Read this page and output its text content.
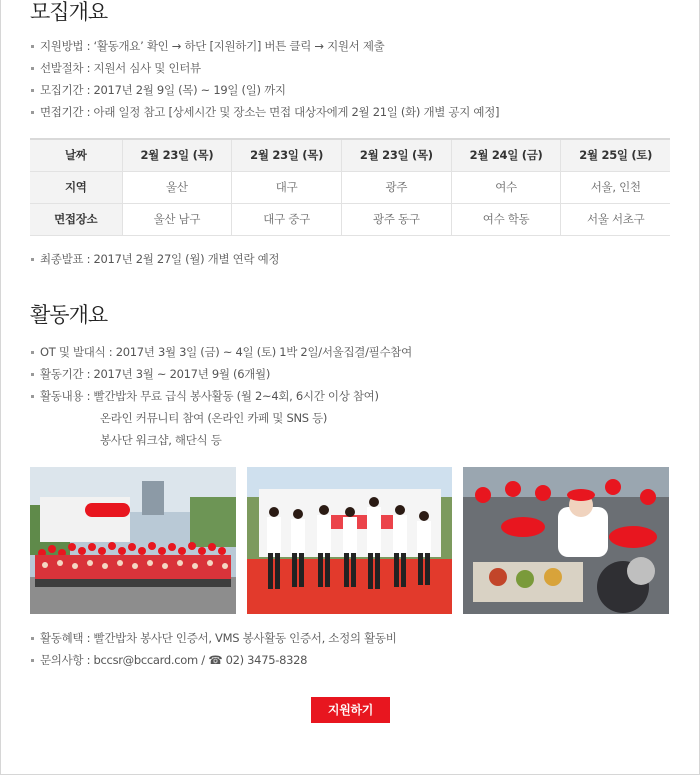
모집개요
지원방법 : ‘활동개요’ 확인 → 하단 [지원하기] 버튼 클릭 → 지원서 제출
선발절차 : 지원서 심사 및 인터뷰
모집기간 : 2017년 2월 9일 (목) ~ 19일 (일) 까지
면접기간 : 아래 일정 참고 [상세시간 및 장소는 면접 대상자에게 2월 21일 (화) 개별 공지 예정]
날짜	2월 23일 (목)	2월 23일 (목)	2월 23일 (목)	2월 24일 (금)	2월 25일 (토)
지역	울산	대구	광주	여수	서울, 인천
면접장소	울산 남구	대구 중구	광주 동구	여수 학동	서울 서초구
최종발표 : 2017년 2월 27일 (월) 개별 연락 예정
활동개요
OT 및 발대식 : 2017년 3월 3일 (금) ~ 4일 (토) 1박 2일/서울집결/필수참여
활동기간 : 2017년 3월 ~ 2017년 9월 (6개월)
활동내용 : 빨간밥차 무료 급식 봉사활동 (월 2~4회, 6시간 이상 참여)
온라인 커뮤니티 참여 (온라인 카페 및 SNS 등)
봉사단 워크샵, 해단식 등
활동혜택 : 빨간밥차 봉사단 인증서, VMS 봉사활동 인증서, 소정의 활동비
문의사항 : bccsr@bccard.com / ☎ 02) 3475-8328
지원하기
